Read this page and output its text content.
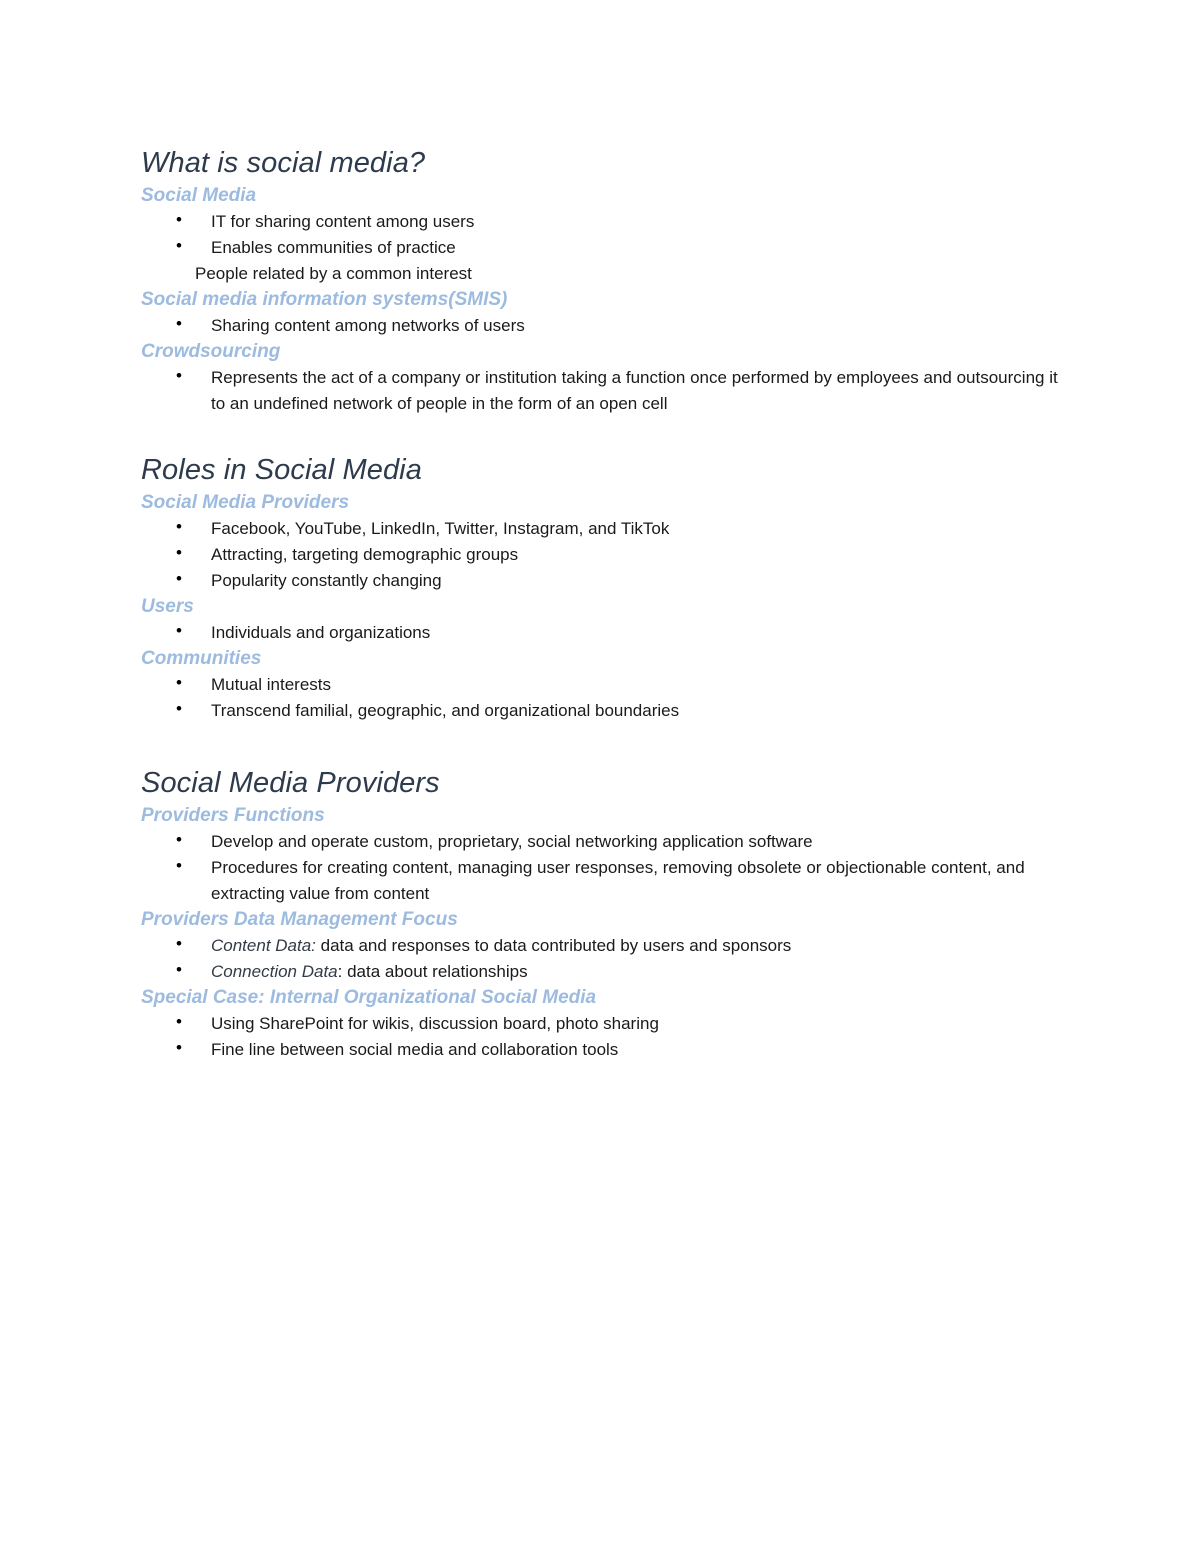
What is social media?
Social Media
• IT for sharing content among users
• Enables communities of practice
People related by a common interest
Social media information systems(SMIS)
• Sharing content among networks of users
Crowdsourcing
• Represents the act of a company or institution taking a function once performed by employees and outsourcing it to an undefined network of people in the form of an open cell
Roles in Social Media
Social Media Providers
• Facebook, YouTube, LinkedIn, Twitter, Instagram, and TikTok
• Attracting, targeting demographic groups
• Popularity constantly changing
Users
• Individuals and organizations
Communities
• Mutual interests
• Transcend familial, geographic, and organizational boundaries
Social Media Providers
Providers Functions
• Develop and operate custom, proprietary, social networking application software
• Procedures for creating content, managing user responses, removing obsolete or objectionable content, and extracting value from content
Providers Data Management Focus
• Content Data: data and responses to data contributed by users and sponsors
• Connection Data: data about relationships
Special Case: Internal Organizational Social Media
• Using SharePoint for wikis, discussion board, photo sharing
• Fine line between social media and collaboration tools
